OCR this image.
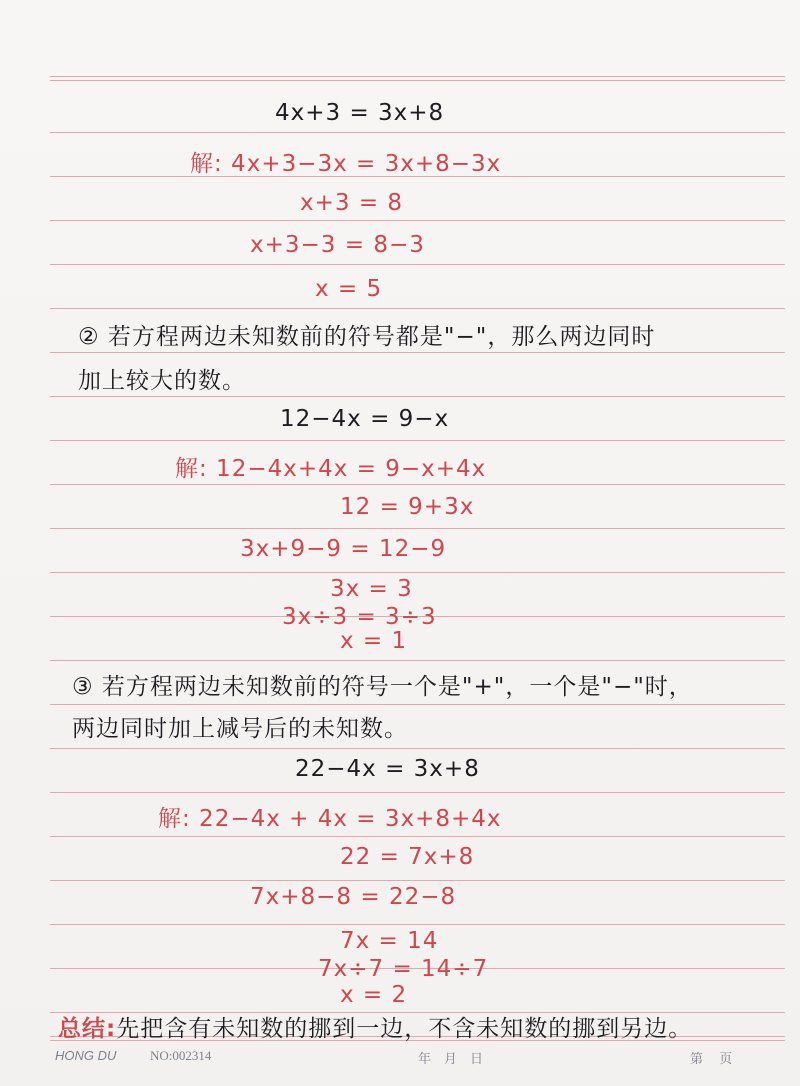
4x+3 = 3x+8
解: 4x+3−3x = 3x+8−3x
x+3 = 8
x+3−3 = 8−3
x = 5
② 若方程两边未知数前的符号都是"−"，那么两边同时
加上较大的数。
12−4x = 9−x
解: 12−4x+4x = 9−x+4x
12 = 9+3x
3x+9−9 = 12−9
3x = 3
3x÷3 = 3÷3
x = 1
③ 若方程两边未知数前的符号一个是"+"，一个是"−"时，
两边同时加上减号后的未知数。
22−4x = 3x+8
解: 22−4x + 4x = 3x+8+4x
22 = 7x+8
7x+8−8 = 22−8
7x = 14
7x÷7 = 14÷7
x = 2
总结:先把含有未知数的挪到一边，不含未知数的挪到另边。
HONG DU	NO:002314	年    月    日	第     页
